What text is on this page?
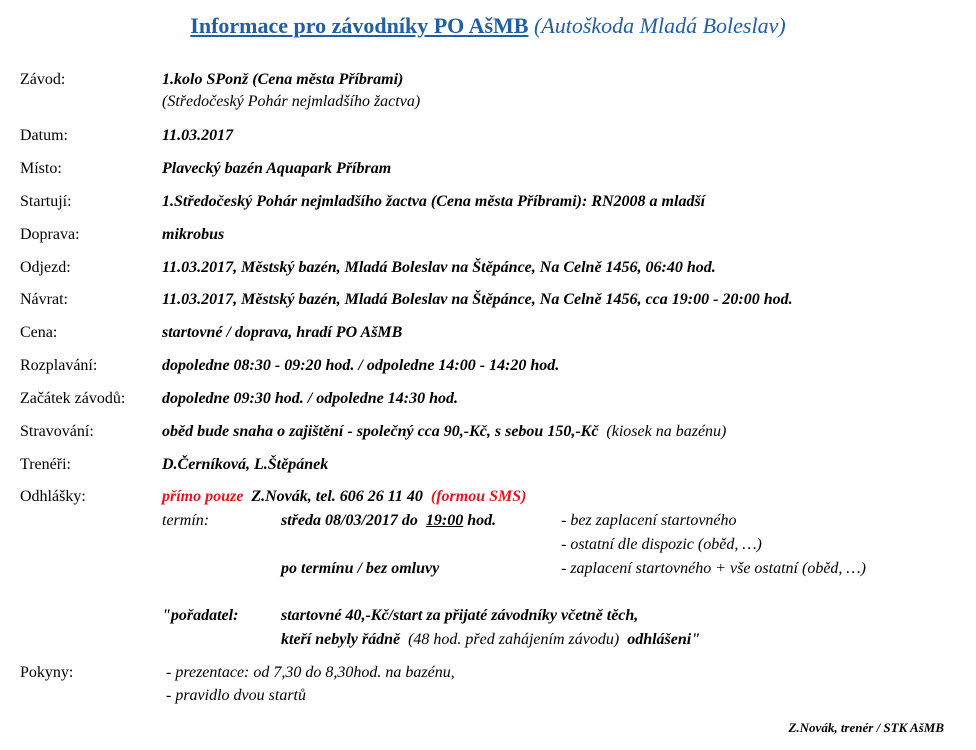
Informace pro závodníky PO AšMB (Autoškoda Mladá Boleslav)
Závod:	1.kolo SPonž (Cena města Příbrami)
(Středočeský Pohár nejmladšího žactva)
Datum:	11.03.2017
Místo:	Plavecký bazén Aquapark Příbram
Startují:	1.Středočeský Pohár nejmladšího žactva (Cena města Příbrami): RN2008 a mladší
Doprava:	mikrobus
Odjezd:	11.03.2017, Městský bazén, Mladá Boleslav na Štěpánce, Na Celně 1456, 06:40 hod.
Návrat:	11.03.2017, Městský bazén, Mladá Boleslav na Štěpánce, Na Celně 1456, cca 19:00 - 20:00 hod.
Cena:	startovné / doprava, hradí PO AšMB
Rozplavání:	dopoledne 08:30 - 09:20 hod. / odpoledne 14:00 - 14:20 hod.
Začátek závodů: dopoledne 09:30 hod. / odpoledne 14:30 hod.
Stravování:	oběd bude snaha o zajištění - společný cca 90,-Kč, s sebou 150,-Kč (kiosek na bazénu)
Trenéři:	D.Černíková, L.Štěpánek
Odhlášky:	přímo pouze Z.Novák, tel. 606 26 11 40 (formou SMS)
termín:	středa 08/03/2017 do 19:00 hod.	- bez zaplacení startovného
- ostatní dle dispozic (oběd, …)
po termínu / bez omluvy	- zaplacení startovného + vše ostatní (oběd, …)
"pořadatel:	startovné 40,-Kč/start za přijaté závodníky včetně těch,
kteří nebyly řádně (48 hod. před zahájením závodu) odhlášeni"
Pokyny:	- prezentace: od 7,30 do 8,30hod. na bazénu,
- pravidlo dvou startů
Z.Novák, trenér / STK AšMB
